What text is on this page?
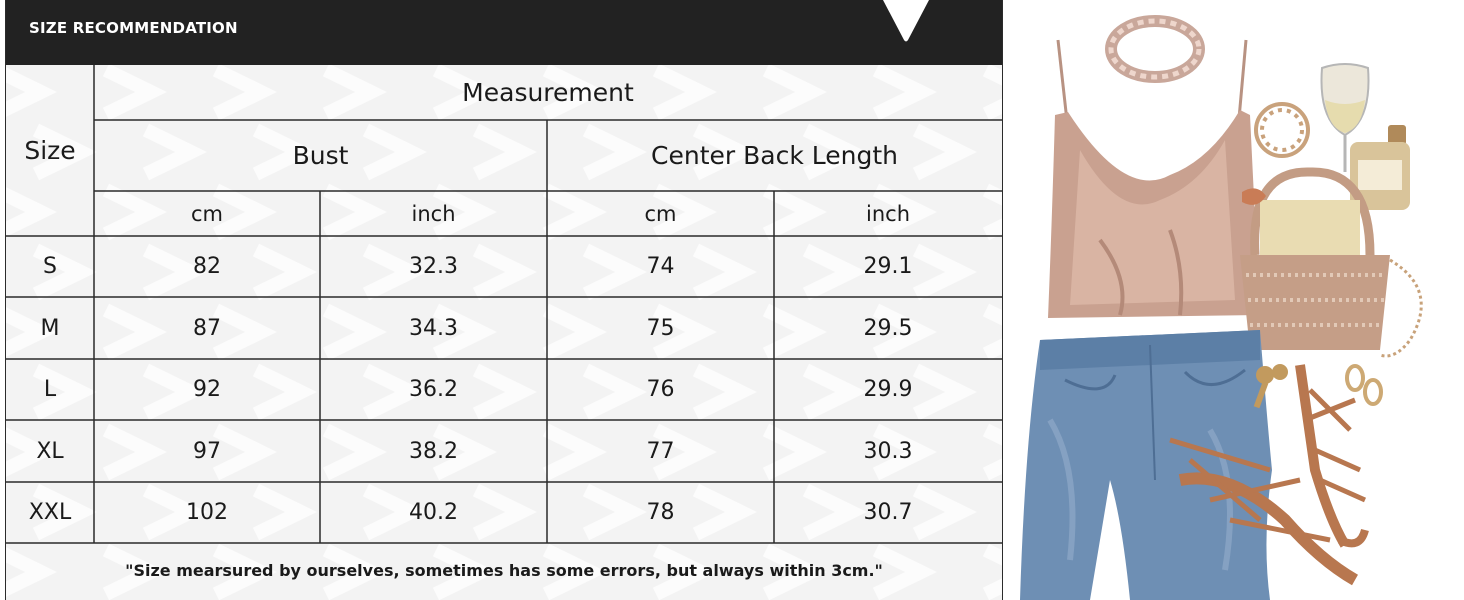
SIZE RECOMMENDATION
Size
Measurement
Bust	Center Back Length
cm	inch	cm	inch
S	82	32.3	74	29.1
M	87	34.3	75	29.5
L	92	36.2	76	29.9
XL	97	38.2	77	30.3
XXL	102	40.2	78	30.7
"Size mearsured by ourselves, sometimes has some errors, but always within 3cm."
